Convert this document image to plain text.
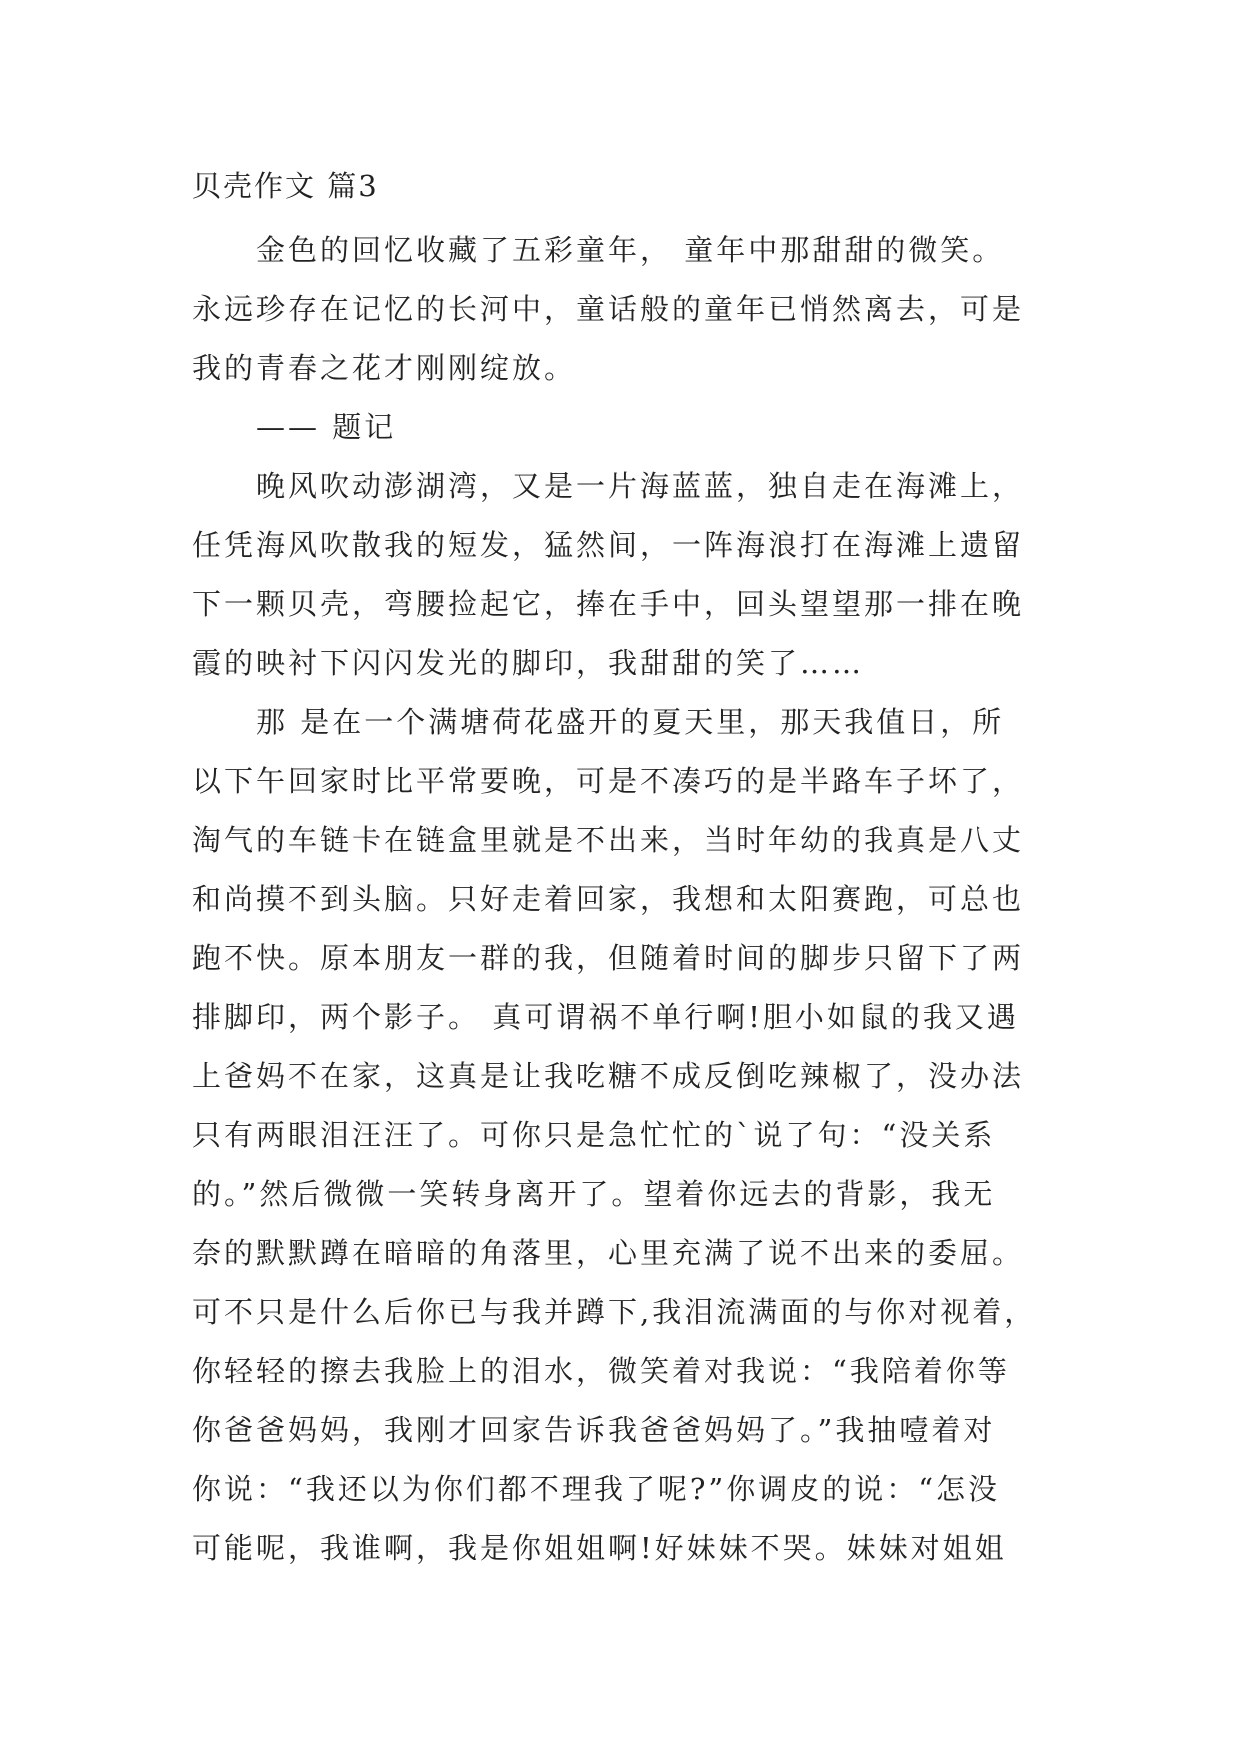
贝壳作文 篇3
金色的回忆收藏了五彩童年， 童年中那甜甜的微笑。
永远珍存在记忆的长河中，童话般的童年已悄然离去，可是
我的青春之花才刚刚绽放。
—— 题记
晚风吹动澎湖湾，又是一片海蓝蓝，独自走在海滩上，
任凭海风吹散我的短发，猛然间，一阵海浪打在海滩上遗留
下一颗贝壳，弯腰捡起它，捧在手中，回头望望那一排在晚
霞的映衬下闪闪发光的脚印，我甜甜的笑了……
那 是在一个满塘荷花盛开的夏天里，那天我值日，所
以下午回家时比平常要晚，可是不凑巧的是半路车子坏了，
淘气的车链卡在链盒里就是不出来，当时年幼的我真是八丈
和尚摸不到头脑。只好走着回家，我想和太阳赛跑，可总也
跑不快。原本朋友一群的我，但随着时间的脚步只留下了两
排脚印，两个影子。 真可谓祸不单行啊!胆小如鼠的我又遇
上爸妈不在家，这真是让我吃糖不成反倒吃辣椒了，没办法
只有两眼泪汪汪了。可你只是急忙忙的`说了句：“没关系
的。”然后微微一笑转身离开了。望着你远去的背影，我无
奈的默默蹲在暗暗的角落里，心里充满了说不出来的委屈。
可不只是什么后你已与我并蹲下,我泪流满面的与你对视着，
你轻轻的擦去我脸上的泪水，微笑着对我说：“我陪着你等
你爸爸妈妈，我刚才回家告诉我爸爸妈妈了。”我抽噎着对
你说：“我还以为你们都不理我了呢?”你调皮的说：“怎没
可能呢，我谁啊，我是你姐姐啊!好妹妹不哭。妹妹对姐姐
